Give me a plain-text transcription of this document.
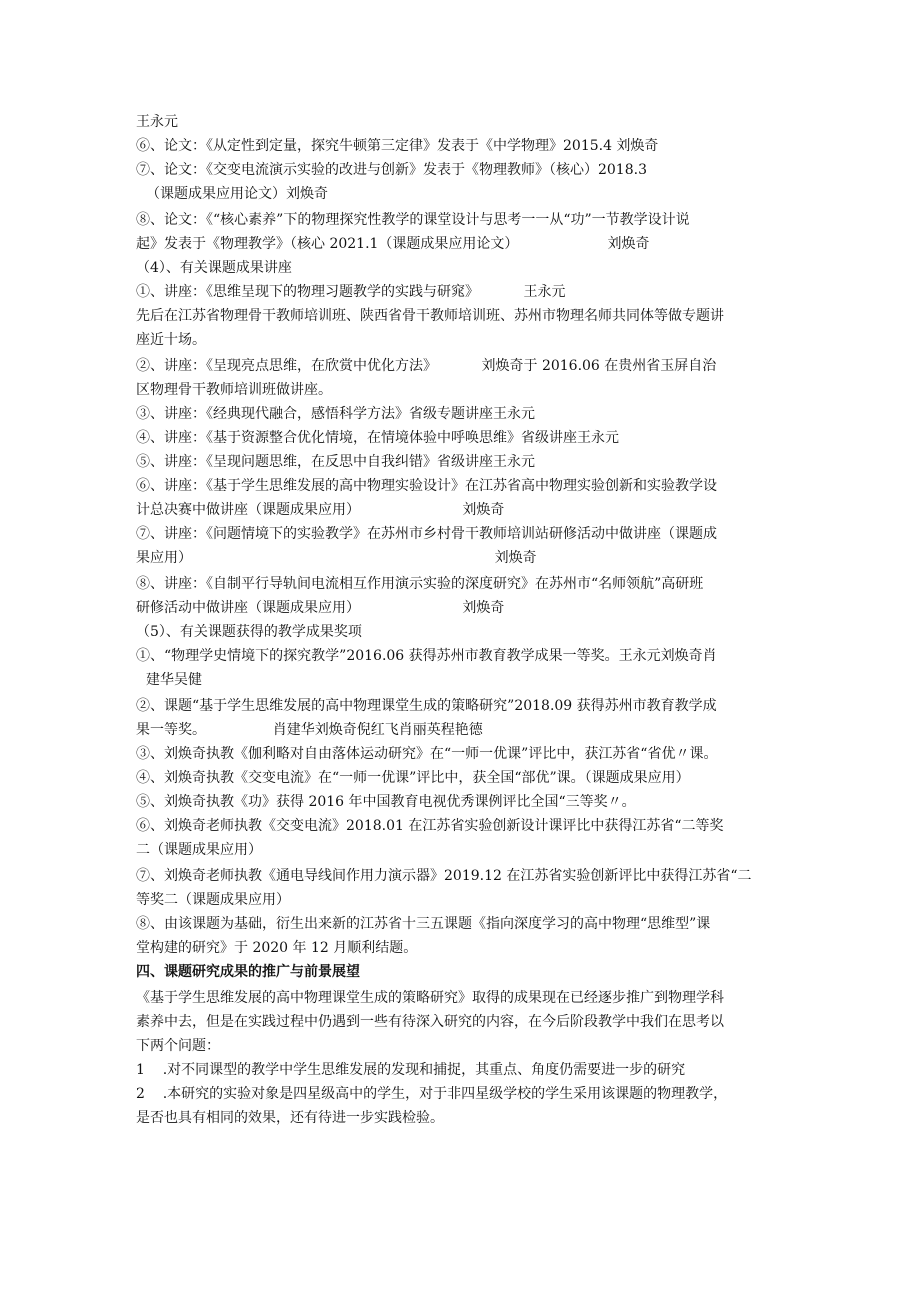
王永元
⑥、论文：《从定性到定量，探究牛顿第三定律》发表于《中学物理》2015.4 刘焕奇
⑦、论文：《交变电流演示实验的改进与创新》发表于《物理教师》（核心）2018.3
（课题成果应用论文）刘焕奇
⑧、论文：《“核心素养”下的物理探究性教学的课堂设计与思考一一从“功”一节教学设计说
起》发表于《物理教学》（核心 2021.1（课题成果应用论文）                    刘焕奇
（4）、有关课题成果讲座
①、讲座：《思维呈现下的物理习题教学的实践与研窕》          王永元
先后在江苏省物理骨干教师培训班、陕西省骨干教师培训班、苏州市物理名师共同体等做专题讲
座近十场。
②、讲座：《呈现亮点思维，在欣赏中优化方法》          刘焕奇于 2016.06 在贵州省玉屏自治
区物理骨干教师培训班做讲座。
③、讲座：《经典现代融合，感悟科学方法》省级专题讲座王永元
④、讲座：《基于资源整合优化情境，在情境体验中呼唤思维》省级讲座王永元
⑤、讲座：《呈现问题思维，在反思中自我纠错》省级讲座王永元
⑥、讲座：《基于学生思维发展的高中物理实验设计》在江苏省高中物理实验创新和实验教学设
计总决赛中做讲座（课题成果应用）                       刘焕奇
⑦、讲座：《问题情境下的实验教学》在苏州市乡村骨干教师培训站研修活动中做讲座（课题成
果应用）                                                                    刘焕奇
⑧、讲座：《自制平行导轨间电流相互作用演示实验的深度研究》在苏州市“名师领航”高研班
研修活动中做讲座（课题成果应用）                       刘焕奇
（5）、有关课题获得的教学成果奖项
①、“物理学史情境下的探究教学”2016.06 获得苏州市教育教学成果一等奖。王永元刘焕奇肖
建华吴健
②、课题“基于学生思维发展的高中物理课堂生成的策略研究”2018.09 获得苏州市教育教学成
果一等奖。               肖建华刘焕奇倪红飞肖丽英程艳德
③、刘焕奇执教《伽利略对自由落体运动研究》在“一师一优课”评比中，获江苏省“省优〃课。
④、刘焕奇执教《交变电流》在“一师一优课”评比中，获全国“部优”课。（课题成果应用）
⑤、刘焕奇执教《功》获得 2016 年中国教育电视优秀课例评比全国“三等奖〃。
⑥、刘焕奇老师执教《交变电流》2018.01 在江苏省实验创新设计课评比中获得江苏省“二等奖
二（课题成果应用）
⑦、刘焕奇老师执教《通电导线间作用力演示器》2019.12 在江苏省实验创新评比中获得江苏省“二
等奖二（课题成果应用）
⑧、由该课题为基础，衍生出来新的江苏省十三五课题《指向深度学习的高中物理“思维型”课
堂构建的研究》于 2020 年 12 月顺利结题。
四、课题研究成果的推广与前景展望
《基于学生思维发展的高中物理课堂生成的策略研究》取得的成果现在已经逐步推广到物理学科
素养中去，但是在实践过程中仍遇到一些有待深入研究的内容，在今后阶段教学中我们在思考以
下两个问题：
1    .对不同课型的教学中学生思维发展的发现和捕捉，其重点、角度仍需要进一步的研究
2    .本研究的实验对象是四星级高中的学生，对于非四星级学校的学生采用该课题的物理教学，
是否也具有相同的效果，还有待进一步实践检验。
